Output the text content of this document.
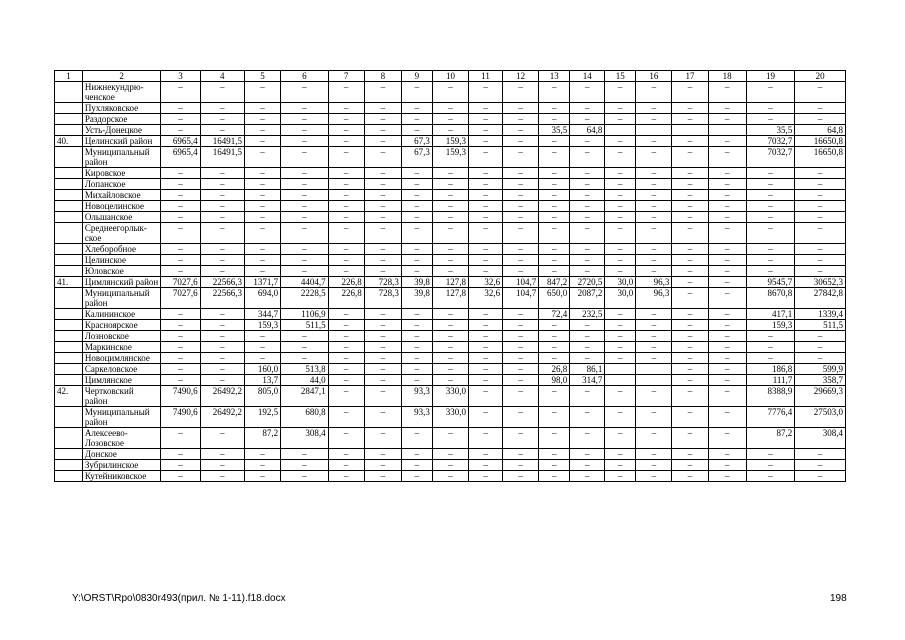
1	2	3	4	5	6	7	8	9	10	11	12	13	14	15	16	17	18	19	20
	Нижнекундрю-ченское	–	–	–	–	–	–	–	–	–	–	–	–	–	–	–	–	–	–
	Пухляковское	–	–	–	–	–	–	–	–	–	–	–	–	–	–	–	–	–	–
	Раздорское	–	–	–	–	–	–	–	–	–	–	–	–	–	–	–	–	–	–
	Усть-Донецкое	–	–	–	–	–	–	–	–	–	–	35,5	64,8					35,5	64,8
40.	Целинский район	6965,4	16491,5	–	–	–	–	67,3	159,3	–	–	–	–	–	–	–	–	7032,7	16650,8
	Муниципальный район	6965,4	16491,5	–	–	–	–	67,3	159,3	–	–	–	–	–	–	–	–	7032,7	16650,8
	Кировское	–	–	–	–	–	–	–	–	–	–	–	–	–	–	–	–	–	–
	Лопанское	–	–	–	–	–	–	–	–	–	–	–	–	–	–	–	–	–	–
	Михайловское	–	–	–	–	–	–	–	–	–	–	–	–	–	–	–	–	–	–
	Новоцелинское	–	–	–	–	–	–	–	–	–	–	–	–	–	–	–	–	–	–
	Ольшанское	–	–	–	–	–	–	–	–	–	–	–	–	–	–	–	–	–	–
	Среднеегорлык-ское	–	–	–	–	–	–	–	–	–	–	–	–	–	–	–	–	–	–
	Хлеборобное	–	–	–	–	–	–	–	–	–	–	–	–	–	–	–	–	–	–
	Целинское	–	–	–	–	–	–	–	–	–	–	–	–	–	–	–	–	–	–
	Юловское	–	–	–	–	–	–	–	–	–	–	–	–	–	–	–	–	–	–
41.	Цимлянский район	7027,6	22566,3	1371,7	4404,7	226,8	728,3	39,8	127,8	32,6	104,7	847,2	2720,5	30,0	96,3	–	–	9545,7	30652,3
	Муниципальный район	7027,6	22566,3	694,0	2228,5	226,8	728,3	39,8	127,8	32,6	104,7	650,0	2087,2	30,0	96,3	–	–	8670,8	27842,8
	Калининское	–	–	344,7	1106,9	–	–	–	–	–	–	72,4	232,5	–	–	–	–	417,1	1339,4
	Красноярское	–	–	159,3	511,5	–	–	–	–	–	–	–	–	–	–	–	–	159,3	511,5
	Лозновское	–	–	–	–	–	–	–	–	–	–	–	–	–	–	–	–	–	–
	Маркинское	–	–	–	–	–	–	–	–	–	–	–	–	–	–	–	–	–	–
	Новоцимлянское	–	–	–	–	–	–	–	–	–	–	–	–	–	–	–	–	–	–
	Саркеловское	–	–	160,0	513,8	–	–	–	–	–	–	26,8	86,1			–	–	186,8	599,9
	Цимлянское	–	–	13,7	44,0	–	–	–	–	–	–	98,0	314,7			–	–	111,7	358,7
42.	Чертковский район	7490,6	26492,2	805,0	2847,1	–	–	93,3	330,0	–	–	–	–	–	–	–	–	8388,9	29669,3
	Муниципальный район	7490,6	26492,2	192,5	680,8	–	–	93,3	330,0	–	–	–	–	–	–	–	–	7776,4	27503,0
	Алексеево-Лозовское	–	–	87,2	308,4	–	–	–	–	–	–	–	–	–	–	–	–	87,2	308,4
	Донское	–	–	–	–	–	–	–	–	–	–	–	–	–	–	–	–	–	–
	Зубрилинское	–	–	–	–	–	–	–	–	–	–	–	–	–	–	–	–	–	–
	Кутейниковское	–	–	–	–	–	–	–	–	–	–	–	–	–	–	–	–	–	–
Y:\ORST\Rpo\0830r493(прил. № 1-11).f18.docx	198
